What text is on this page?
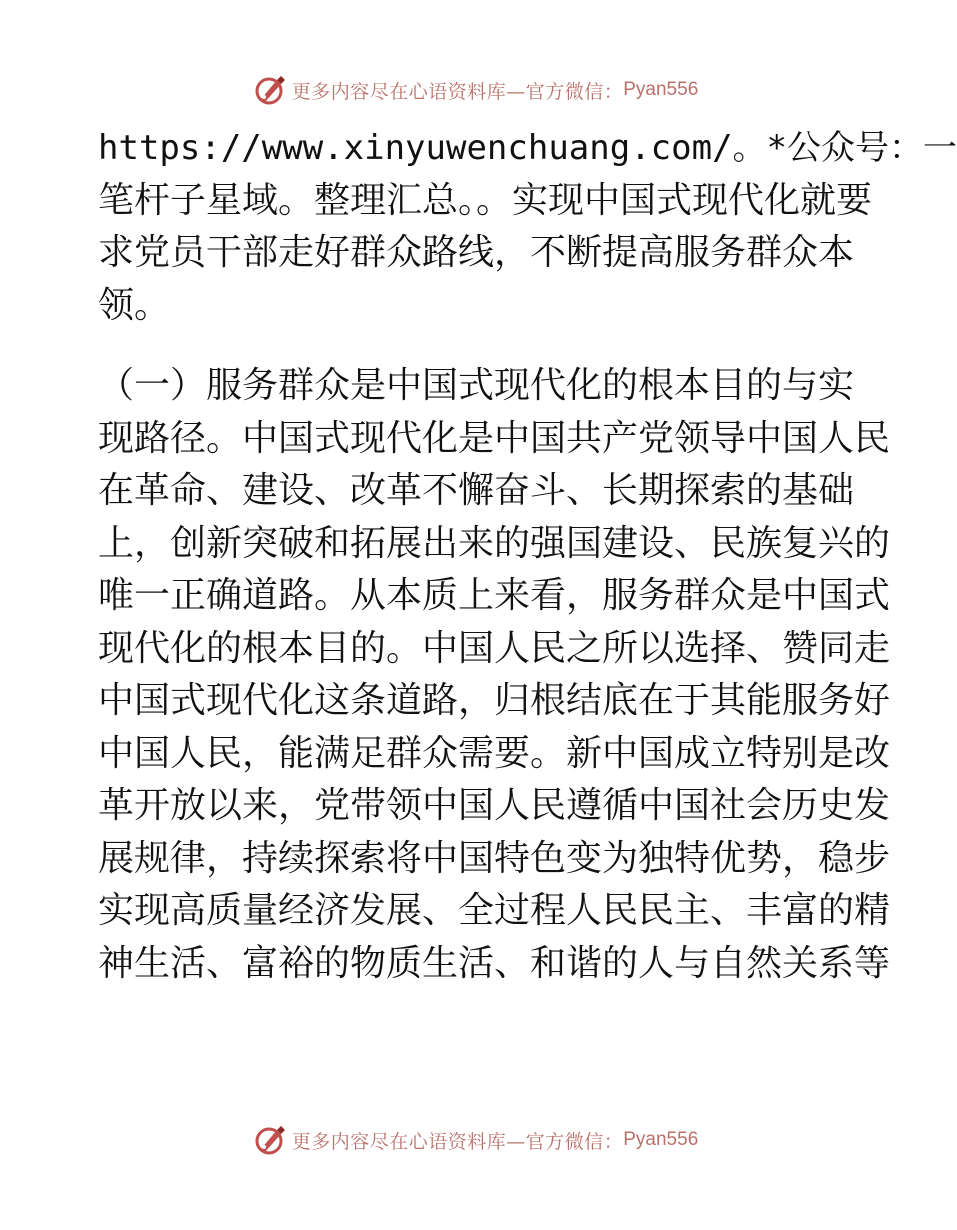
更多内容尽在心语资料库—官方微信： Pyan556
https://www.xinyuwenchuang.com/。*公众号：一
笔杆子星域。整理汇总。。实现中国式现代化就要
求党员干部走好群众路线，不断提高服务群众本
领。
（一）服务群众是中国式现代化的根本目的与实
现路径。中国式现代化是中国共产党领导中国人民
在革命、建设、改革不懈奋斗、长期探索的基础
上，创新突破和拓展出来的强国建设、民族复兴的
唯一正确道路。从本质上来看，服务群众是中国式
现代化的根本目的。中国人民之所以选择、赞同走
中国式现代化这条道路，归根结底在于其能服务好
中国人民，能满足群众需要。新中国成立特别是改
革开放以来，党带领中国人民遵循中国社会历史发
展规律，持续探索将中国特色变为独特优势，稳步
实现高质量经济发展、全过程人民民主、丰富的精
神生活、富裕的物质生活、和谐的人与自然关系等
更多内容尽在心语资料库—官方微信： Pyan556
